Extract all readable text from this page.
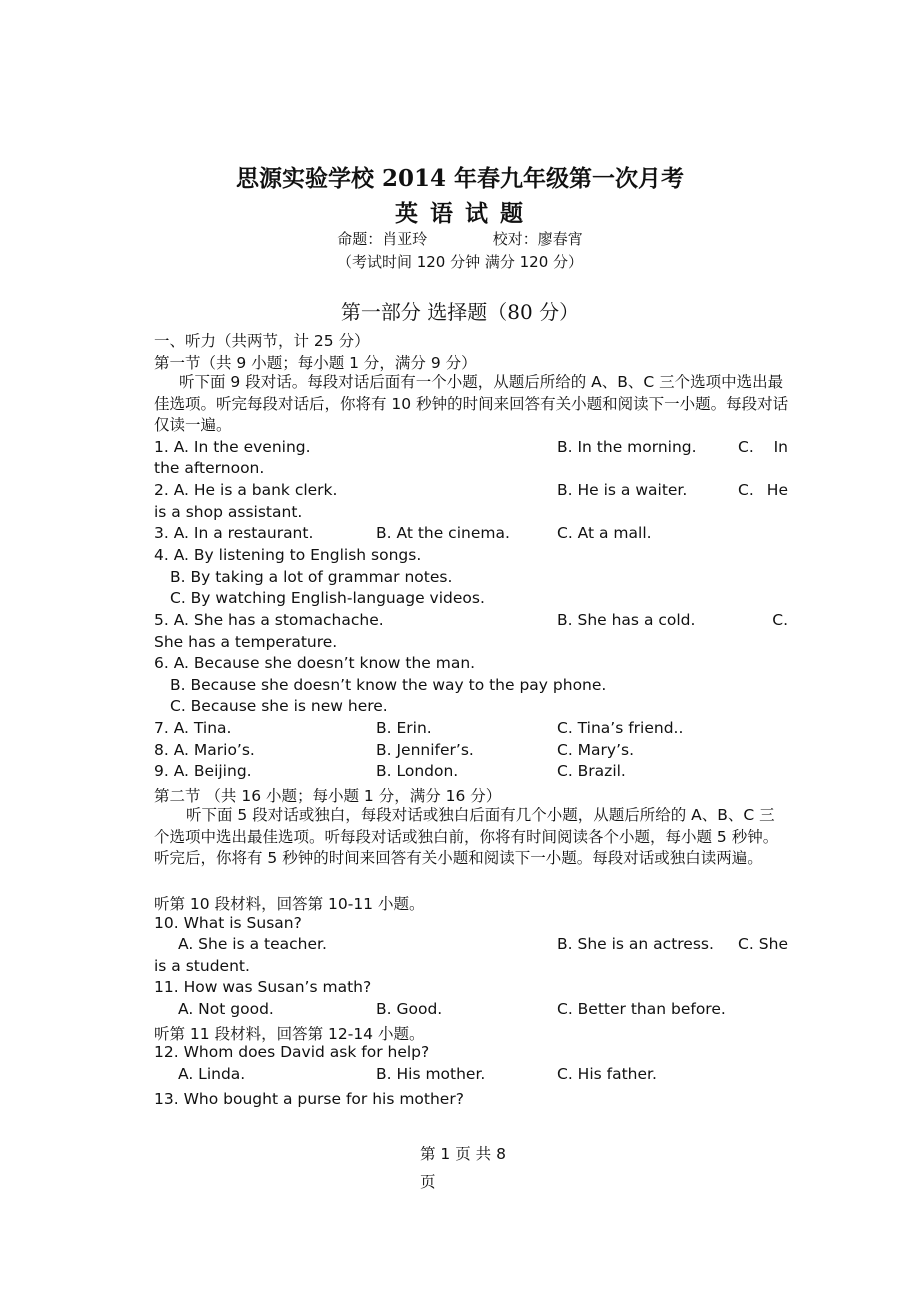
思源实验学校 2014 年春九年级第一次月考
英 语 试 题
命题：肖亚玲	校对：廖春宵
（考试时间 120 分钟 满分 120 分）
第一部分 选择题（80 分）
一、听力（共两节，计 25 分）
第一节（共 9 小题；每小题 1 分，满分 9 分）
听下面 9 段对话。每段对话后面有一个小题，从题后所给的 A、B、C 三个选项中选出最佳选项。听完每段对话后，你将有 10 秒钟的时间来回答有关小题和阅读下一小题。每段对话仅读一遍。
1. A. In the evening.	B. In the morning.	C. In
the afternoon.
2. A. He is a bank clerk.	B. He is a waiter.	C. He
is a shop assistant.
3. A. In a restaurant.	B. At the cinema.	C. At a mall.
4. A. By listening to English songs.
B. By taking a lot of grammar notes.
C. By watching English-language videos.
5. A. She has a stomachache.	B. She has a cold.	C.
She has a temperature.
6. A. Because she doesn’t know the man.
B. Because she doesn’t know the way to the pay phone.
C. Because she is new here.
7. A. Tina.	B. Erin.	C. Tina’s friend..
8. A. Mario’s.	B. Jennifer’s.	C. Mary’s.
9. A. Beijing.	B. London.	C. Brazil.
第二节 （共 16 小题；每小题 1 分，满分 16 分）
听下面 5 段对话或独白，每段对话或独白后面有几个小题，从题后所给的 A、B、C 三个选项中选出最佳选项。听每段对话或独白前，你将有时间阅读各个小题，每小题 5 秒钟。听完后，你将有 5 秒钟的时间来回答有关小题和阅读下一小题。每段对话或独白读两遍。
听第 10 段材料，回答第 10-11 小题。
10. What is Susan?
A. She is a teacher.	B. She is an actress. C. She
is a student.
11. How was Susan’s math?
A. Not good.	B. Good.	C. Better than before.
听第 11 段材料，回答第 12-14 小题。
12. Whom does David ask for help?
A. Linda.	B. His mother.	C. His father.
13. Who bought a purse for his mother?
第 1 页 共 8
页
